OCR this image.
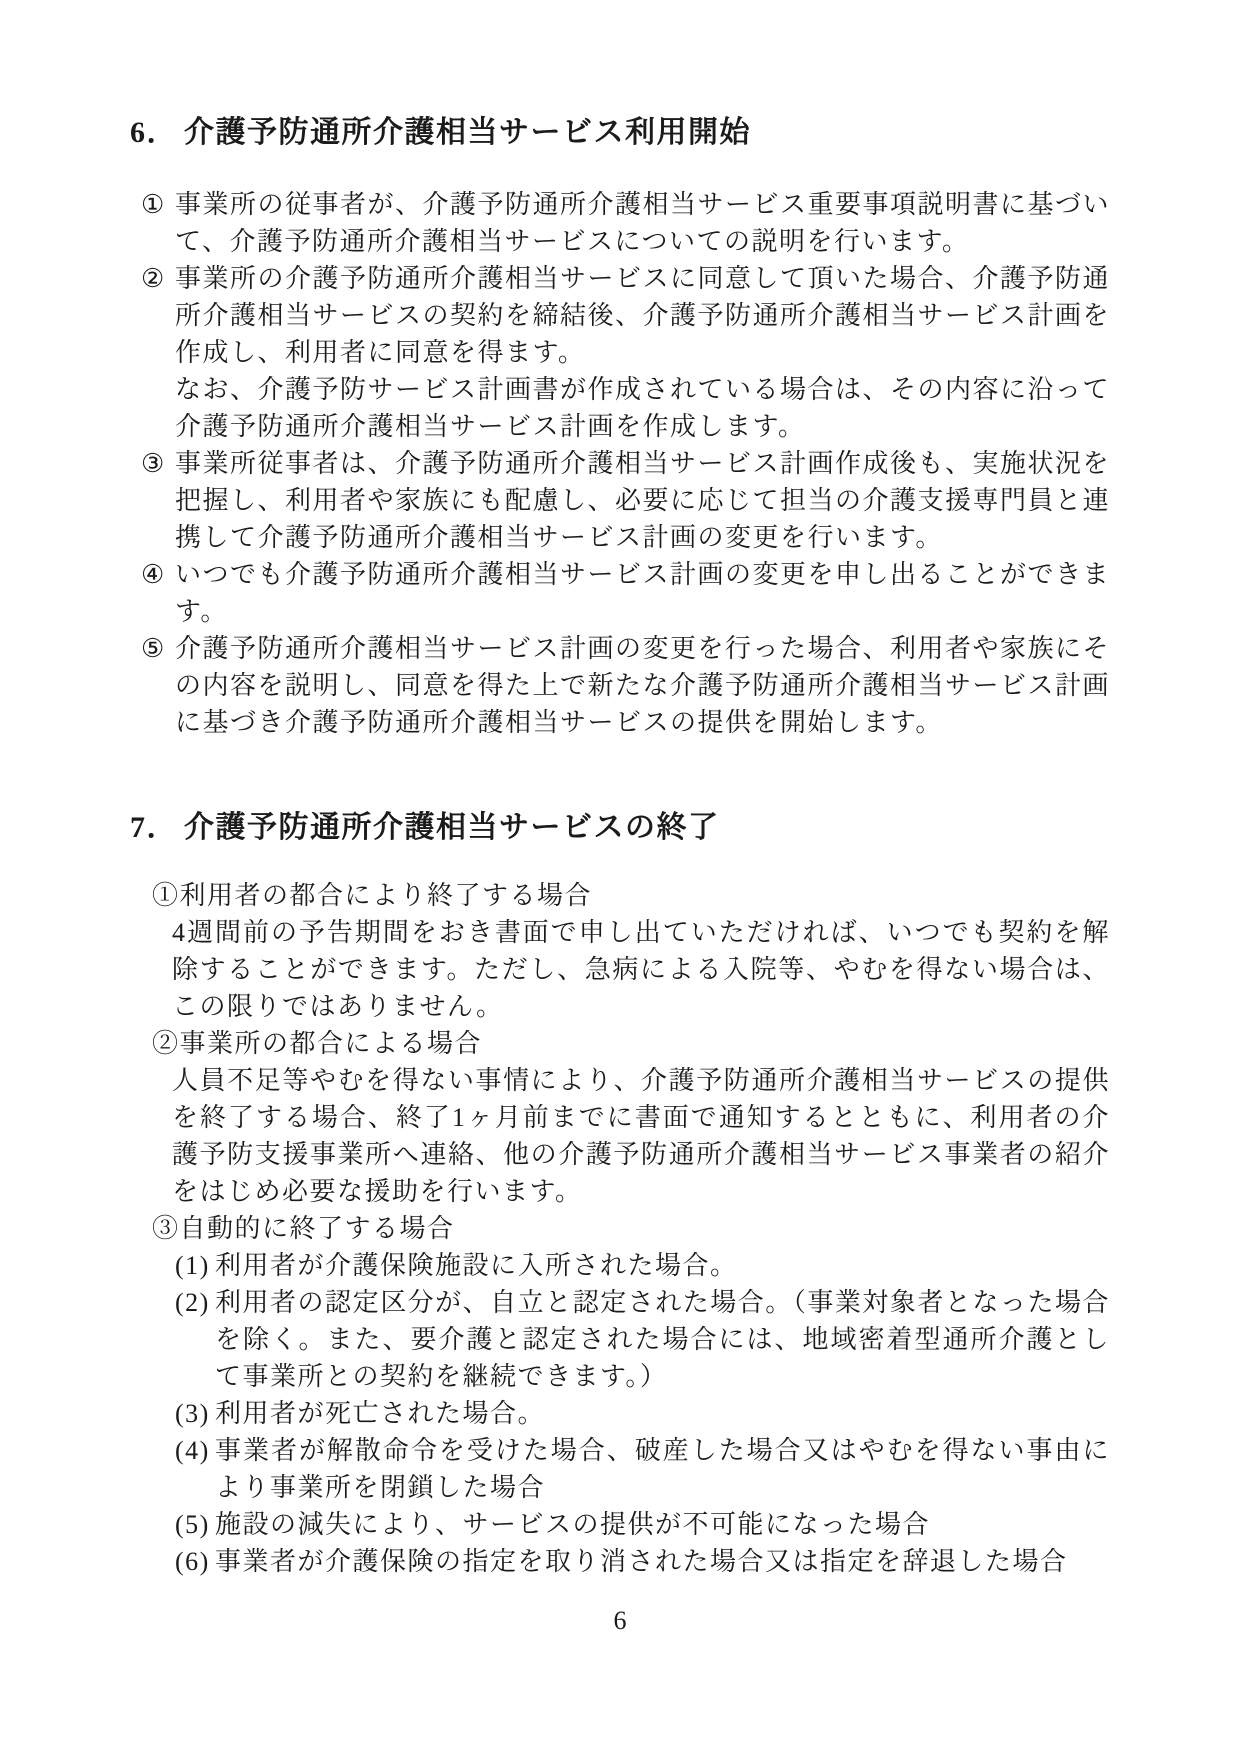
6． 介護予防通所介護相当サービス利用開始
① 事業所の従事者が、介護予防通所介護相当サービス重要事項説明書に基づいて、介護予防通所介護相当サービスについての説明を行います。

② 事業所の介護予防通所介護相当サービスに同意して頂いた場合、介護予防通所介護相当サービスの契約を締結後、介護予防通所介護相当サービス計画を作成し、利用者に同意を得ます。

なお、介護予防サービス計画書が作成されている場合は、その内容に沿って介護予防通所介護相当サービス計画を作成します。

③ 事業所従事者は、介護予防通所介護相当サービス計画作成後も、実施状況を把握し、利用者や家族にも配慮し、必要に応じて担当の介護支援専門員と連携して介護予防通所介護相当サービス計画の変更を行います。

④ いつでも介護予防通所介護相当サービス計画の変更を申し出ることができます。

⑤ 介護予防通所介護相当サービス計画の変更を行った場合、利用者や家族にその内容を説明し、同意を得た上で新たな介護予防通所介護相当サービス計画に基づき介護予防通所介護相当サービスの提供を開始します。

7． 介護予防通所介護相当サービスの終了

①利用者の都合により終了する場合

4週間前の予告期間をおき書面で申し出ていただければ、いつでも契約を解除することができます。ただし、急病による入院等、やむを得ない場合は、この限りではありません。

②事業所の都合による場合

人員不足等やむを得ない事情により、介護予防通所介護相当サービスの提供を終了する場合、終了1ヶ月前までに書面で通知するとともに、利用者の介護予防支援事業所へ連絡、他の介護予防通所介護相当サービス事業者の紹介をはじめ必要な援助を行います。

③自動的に終了する場合

(1) 利用者が介護保険施設に入所された場合。

(2) 利用者の認定区分が、自立と認定された場合。（事業対象者となった場合を除く。また、要介護と認定された場合には、地域密着型通所介護として事業所との契約を継続できます。）

(3) 利用者が死亡された場合。

(4) 事業者が解散命令を受けた場合、破産した場合又はやむを得ない事由により事業所を閉鎖した場合

(5) 施設の減失により、サービスの提供が不可能になった場合

(6) 事業者が介護保険の指定を取り消された場合又は指定を辞退した場合

6
